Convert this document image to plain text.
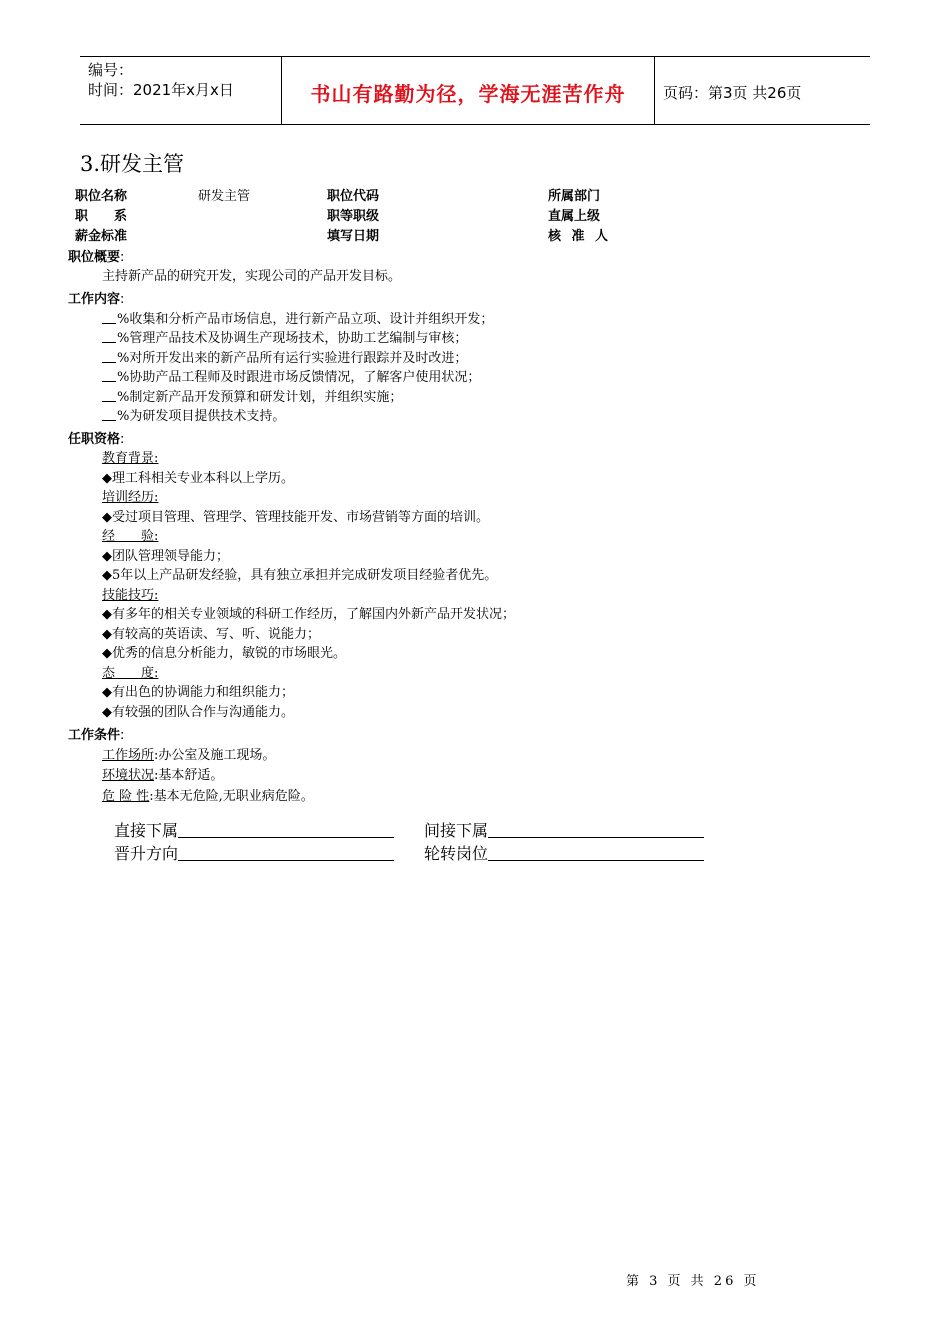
编号：
时间：2021年x月x日	书山有路勤为径，学海无涯苦作舟	页码：第3页 共26页
3.研发主管
职位名称	研发主管	职位代码	所属部门
职　　系	职等职级	直属上级
薪金标准	填写日期	核 准 人
职位概要:
主持新产品的研究开发，实现公司的产品开发目标。
工作内容:
%收集和分析产品市场信息，进行新产品立项、设计并组织开发；
%管理产品技术及协调生产现场技术，协助工艺编制与审核；
%对所开发出来的新产品所有运行实验进行跟踪并及时改进；
%协助产品工程师及时跟进市场反馈情况，了解客户使用状况；
%制定新产品开发预算和研发计划，并组织实施；
%为研发项目提供技术支持。
任职资格:
教育背景:
◆理工科相关专业本科以上学历。
培训经历:
◆受过项目管理、管理学、管理技能开发、市场营销等方面的培训。
经　　验:
◆团队管理领导能力；
◆5年以上产品研发经验，具有独立承担并完成研发项目经验者优先。
技能技巧:
◆有多年的相关专业领域的科研工作经历，了解国内外新产品开发状况；
◆有较高的英语读、写、听、说能力；
◆优秀的信息分析能力，敏锐的市场眼光。
态　　度:
◆有出色的协调能力和组织能力；
◆有较强的团队合作与沟通能力。
工作条件:
工作场所:办公室及施工现场。
环境状况:基本舒适。
危 险 性:基本无危险,无职业病危险。
直接下属	间接下属
晋升方向	轮转岗位
第 3 页 共 26 页
